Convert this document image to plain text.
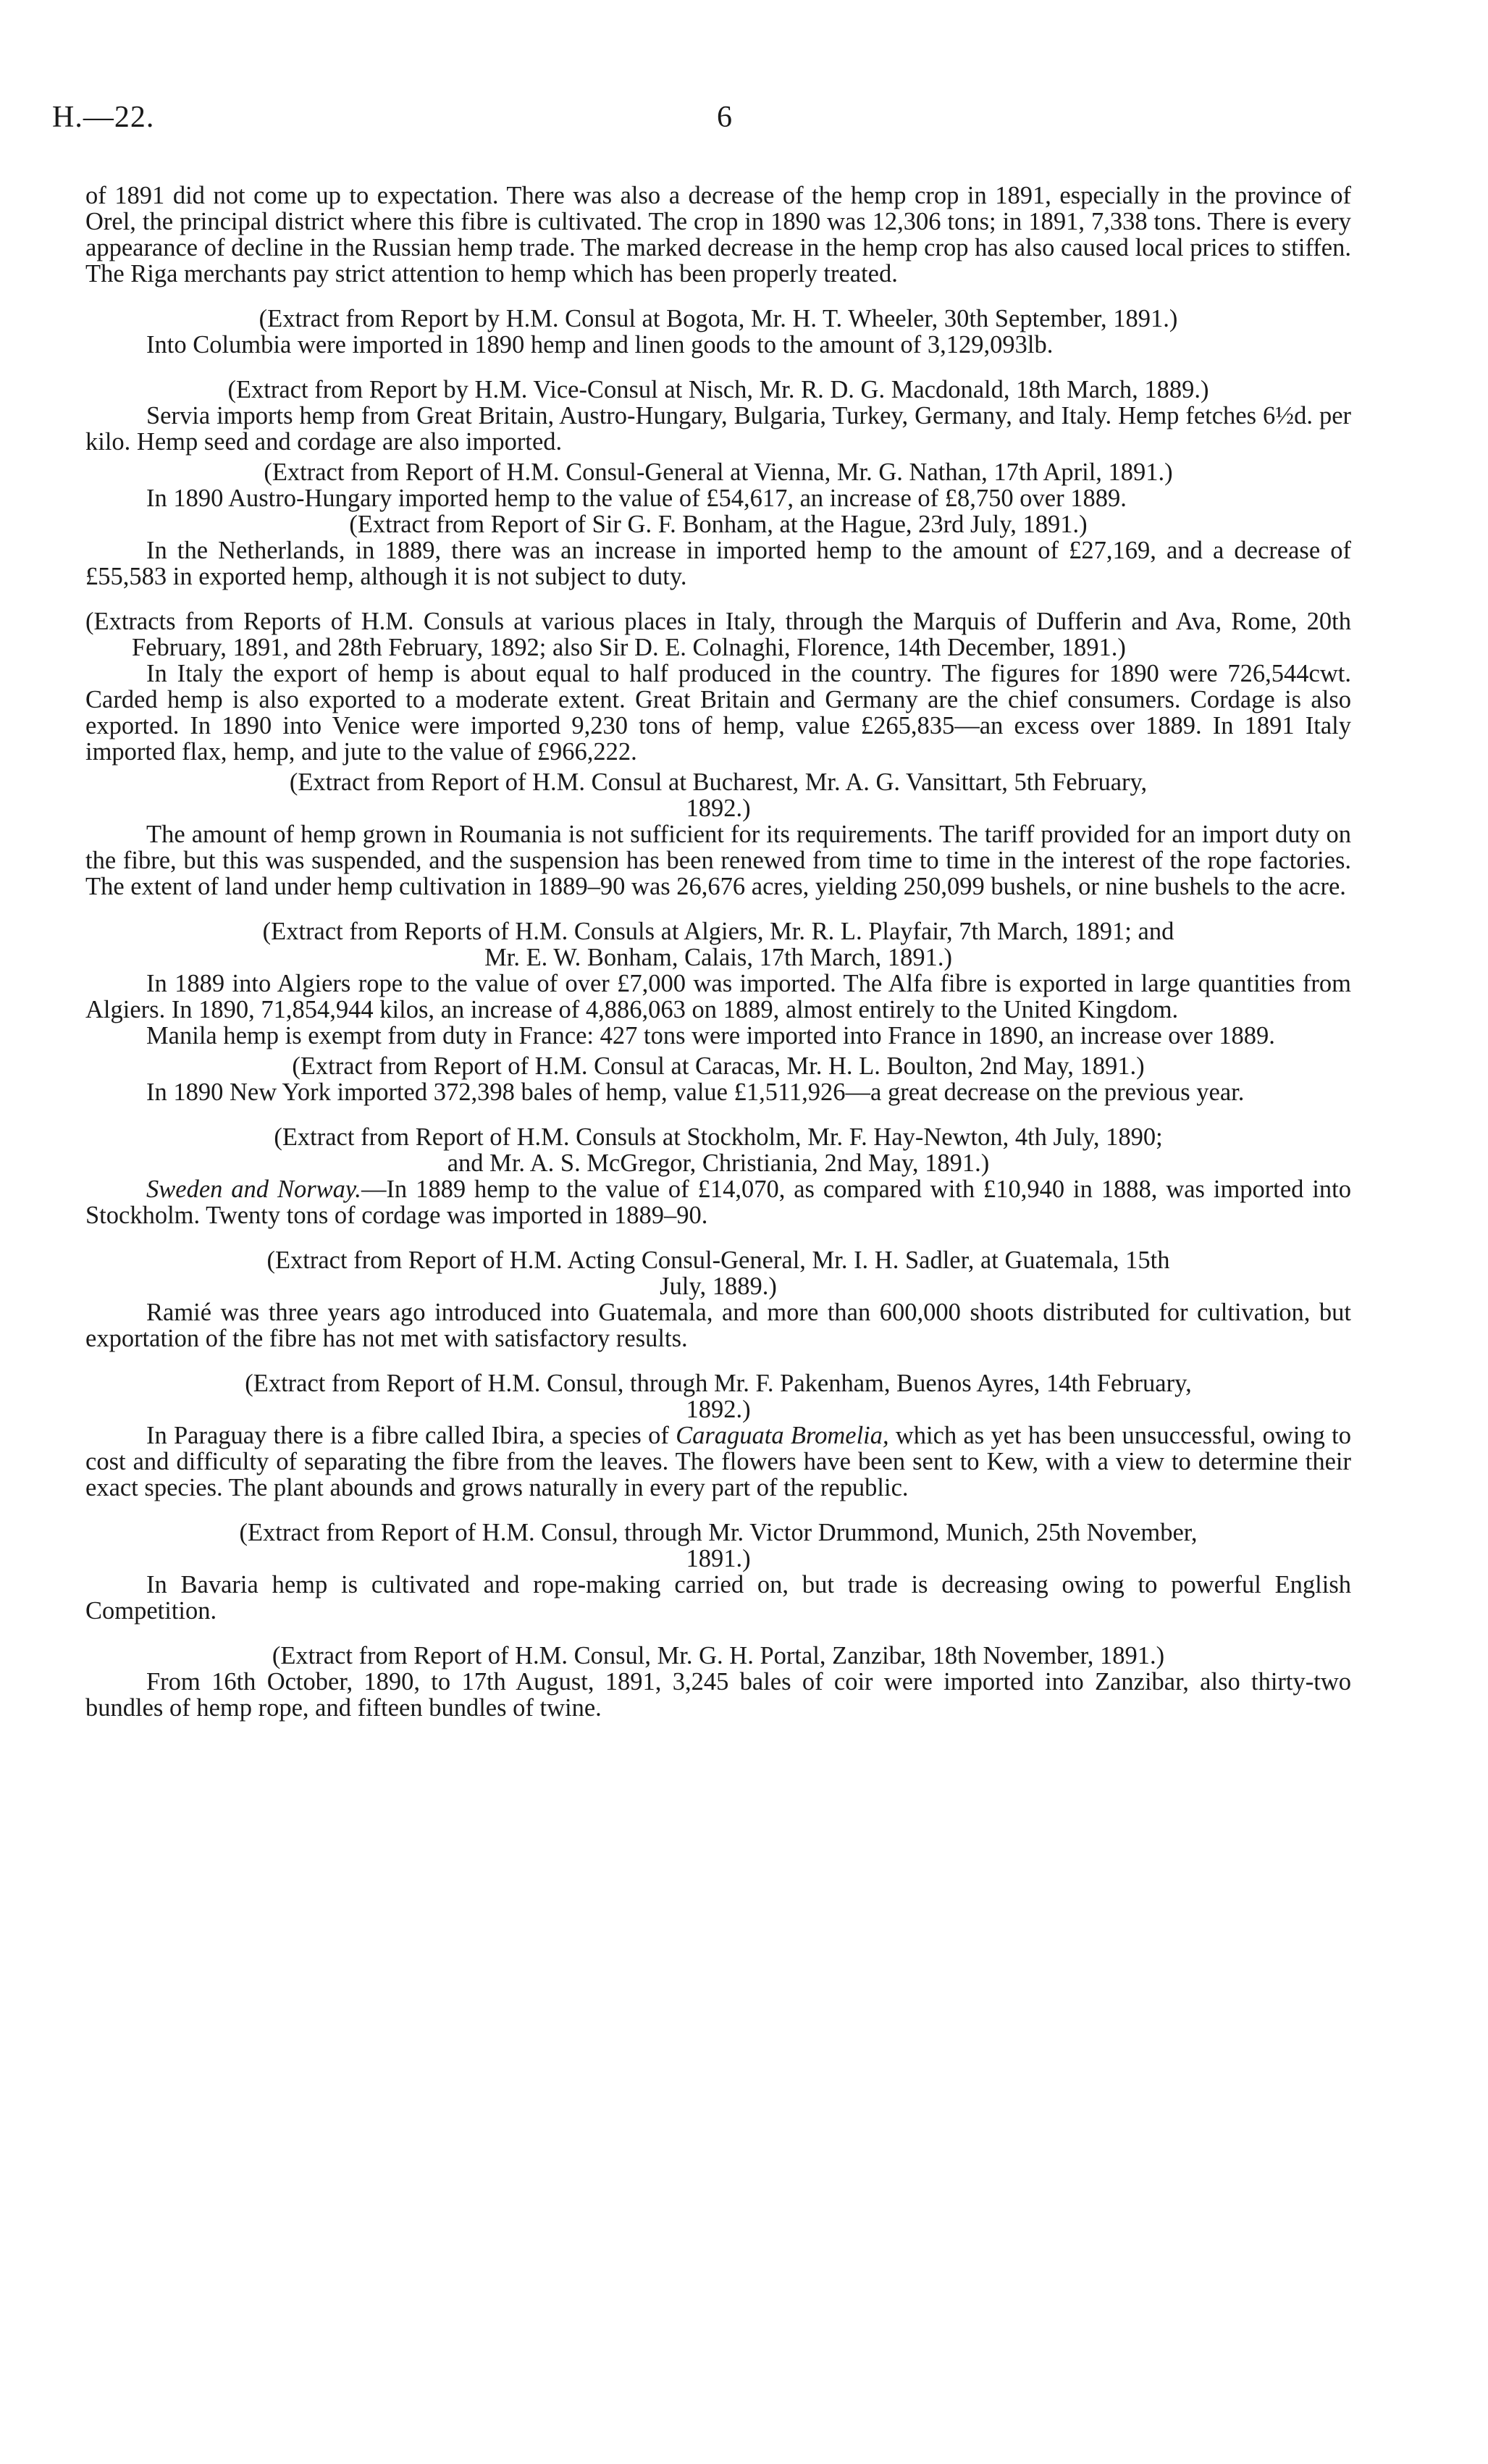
H.—22.	6

of 1891 did not come up to expectation. There was also a decrease of the hemp crop in 1891, especially in the province of Orel, the principal district where this fibre is cultivated. The crop in 1890 was 12,306 tons; in 1891, 7,338 tons. There is every appearance of decline in the Russian hemp trade. The marked decrease in the hemp crop has also caused local prices to stiffen. The Riga merchants pay strict attention to hemp which has been properly treated.

(Extract from Report by H.M. Consul at Bogota, Mr. H. T. Wheeler, 30th September, 1891.)

Into Columbia were imported in 1890 hemp and linen goods to the amount of 3,129,093lb.

(Extract from Report by H.M. Vice-Consul at Nisch, Mr. R. D. G. Macdonald, 18th March, 1889.)

Servia imports hemp from Great Britain, Austro-Hungary, Bulgaria, Turkey, Germany, and Italy. Hemp fetches 6½d. per kilo. Hemp seed and cordage are also imported.

(Extract from Report of H.M. Consul-General at Vienna, Mr. G. Nathan, 17th April, 1891.)

In 1890 Austro-Hungary imported hemp to the value of £54,617, an increase of £8,750 over 1889.

(Extract from Report of Sir G. F. Bonham, at the Hague, 23rd July, 1891.)

In the Netherlands, in 1889, there was an increase in imported hemp to the amount of £27,169, and a decrease of £55,583 in exported hemp, although it is not subject to duty.

(Extracts from Reports of H.M. Consuls at various places in Italy, through the Marquis of Dufferin and Ava, Rome, 20th February, 1891, and 28th February, 1892; also Sir D. E. Colnaghi, Florence, 14th December, 1891.)

In Italy the export of hemp is about equal to half produced in the country. The figures for 1890 were 726,544cwt. Carded hemp is also exported to a moderate extent. Great Britain and Germany are the chief consumers. Cordage is also exported. In 1890 into Venice were imported 9,230 tons of hemp, value £265,835—an excess over 1889. In 1891 Italy imported flax, hemp, and jute to the value of £966,222.

(Extract from Report of H.M. Consul at Bucharest, Mr. A. G. Vansittart, 5th February,
1892.)

The amount of hemp grown in Roumania is not sufficient for its requirements. The tariff provided for an import duty on the fibre, but this was suspended, and the suspension has been renewed from time to time in the interest of the rope factories. The extent of land under hemp cultivation in 1889–90 was 26,676 acres, yielding 250,099 bushels, or nine bushels to the acre.

(Extract from Reports of H.M. Consuls at Algiers, Mr. R. L. Playfair, 7th March, 1891; and
Mr. E. W. Bonham, Calais, 17th March, 1891.)

In 1889 into Algiers rope to the value of over £7,000 was imported. The Alfa fibre is exported in large quantities from Algiers. In 1890, 71,854,944 kilos, an increase of 4,886,063 on 1889, almost entirely to the United Kingdom.

Manila hemp is exempt from duty in France: 427 tons were imported into France in 1890, an increase over 1889.

(Extract from Report of H.M. Consul at Caracas, Mr. H. L. Boulton, 2nd May, 1891.)

In 1890 New York imported 372,398 bales of hemp, value £1,511,926—a great decrease on the previous year.

(Extract from Report of H.M. Consuls at Stockholm, Mr. F. Hay-Newton, 4th July, 1890;
and Mr. A. S. McGregor, Christiania, 2nd May, 1891.)

Sweden and Norway.—In 1889 hemp to the value of £14,070, as compared with £10,940 in 1888, was imported into Stockholm. Twenty tons of cordage was imported in 1889–90.

(Extract from Report of H.M. Acting Consul-General, Mr. I. H. Sadler, at Guatemala, 15th
July, 1889.)

Ramié was three years ago introduced into Guatemala, and more than 600,000 shoots distributed for cultivation, but exportation of the fibre has not met with satisfactory results.

(Extract from Report of H.M. Consul, through Mr. F. Pakenham, Buenos Ayres, 14th February,
1892.)

In Paraguay there is a fibre called Ibira, a species of Caraguata Bromelia, which as yet has been unsuccessful, owing to cost and difficulty of separating the fibre from the leaves. The flowers have been sent to Kew, with a view to determine their exact species. The plant abounds and grows naturally in every part of the republic.

(Extract from Report of H.M. Consul, through Mr. Victor Drummond, Munich, 25th November,
1891.)

In Bavaria hemp is cultivated and rope-making carried on, but trade is decreasing owing to powerful English Competition.

(Extract from Report of H.M. Consul, Mr. G. H. Portal, Zanzibar, 18th November, 1891.)

From 16th October, 1890, to 17th August, 1891, 3,245 bales of coir were imported into Zanzibar, also thirty-two bundles of hemp rope, and fifteen bundles of twine.
